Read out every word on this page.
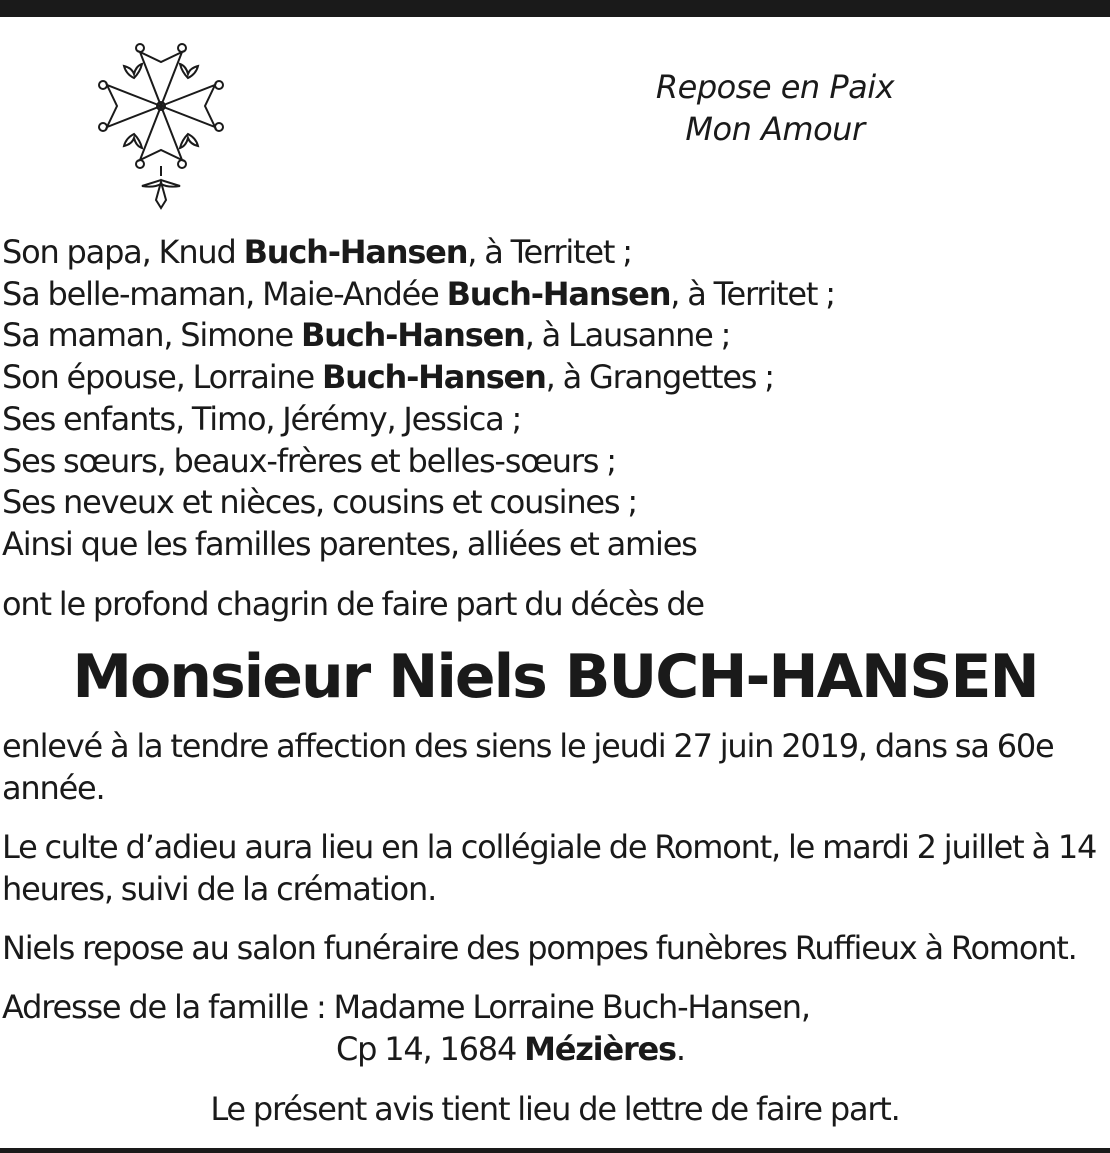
Repose en Paix
Mon Amour
Son papa, Knud Buch-Hansen, à Territet ;
Sa belle-maman, Maie-Andée Buch-Hansen, à Territet ;
Sa maman, Simone Buch-Hansen, à Lausanne ;
Son épouse, Lorraine Buch-Hansen, à Grangettes ;
Ses enfants, Timo, Jérémy, Jessica ;
Ses sœurs, beaux-frères et belles-sœurs ;
Ses neveux et nièces, cousins et cousines ;
Ainsi que les familles parentes, alliées et amies
ont le profond chagrin de faire part du décès de
Monsieur Niels BUCH-HANSEN
enlevé à la tendre affection des siens le jeudi 27 juin 2019, dans sa 60e année.
Le culte d’adieu aura lieu en la collégiale de Romont, le mardi 2 juillet à 14 heures, suivi de la crémation.
Niels repose au salon funéraire des pompes funèbres Ruffieux à Romont.
Adresse de la famille : Madame Lorraine Buch-Hansen,
Cp 14, 1684 Mézières.
Le présent avis tient lieu de lettre de faire part.
